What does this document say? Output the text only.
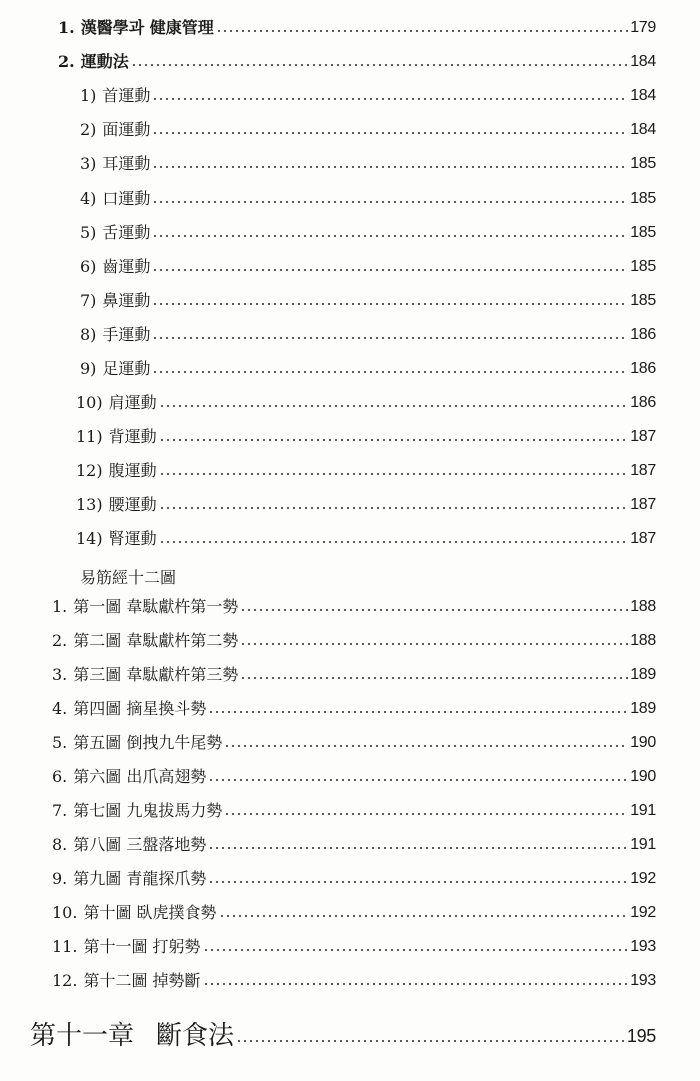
1. 漢醫學과 健康管理	179
2. 運動法	184
1) 首運動	184
2) 面運動	184
3) 耳運動	185
4) 口運動	185
5) 舌運動	185
6) 齒運動	185
7) 鼻運動	185
8) 手運動	186
9) 足運動	186
10) 肩運動	186
11) 背運動	187
12) 腹運動	187
13) 腰運動	187
14) 腎運動	187
易筋經十二圖
1. 第一圖 韋駄獻杵第一勢	188
2. 第二圖 韋駄獻杵第二勢	188
3. 第三圖 韋駄獻杵第三勢	189
4. 第四圖 摘星換斗勢	189
5. 第五圖 倒拽九牛尾勢	190
6. 第六圖 出爪高翅勢	190
7. 第七圖 九鬼拔馬力勢	191
8. 第八圖 三盤落地勢	191
9. 第九圖 青龍探爪勢	192
10. 第十圖 臥虎撲食勢	192
11. 第十一圖 打躬勢	193
12. 第十二圖 掉勢斷	193
第十一章 斷食法	195
